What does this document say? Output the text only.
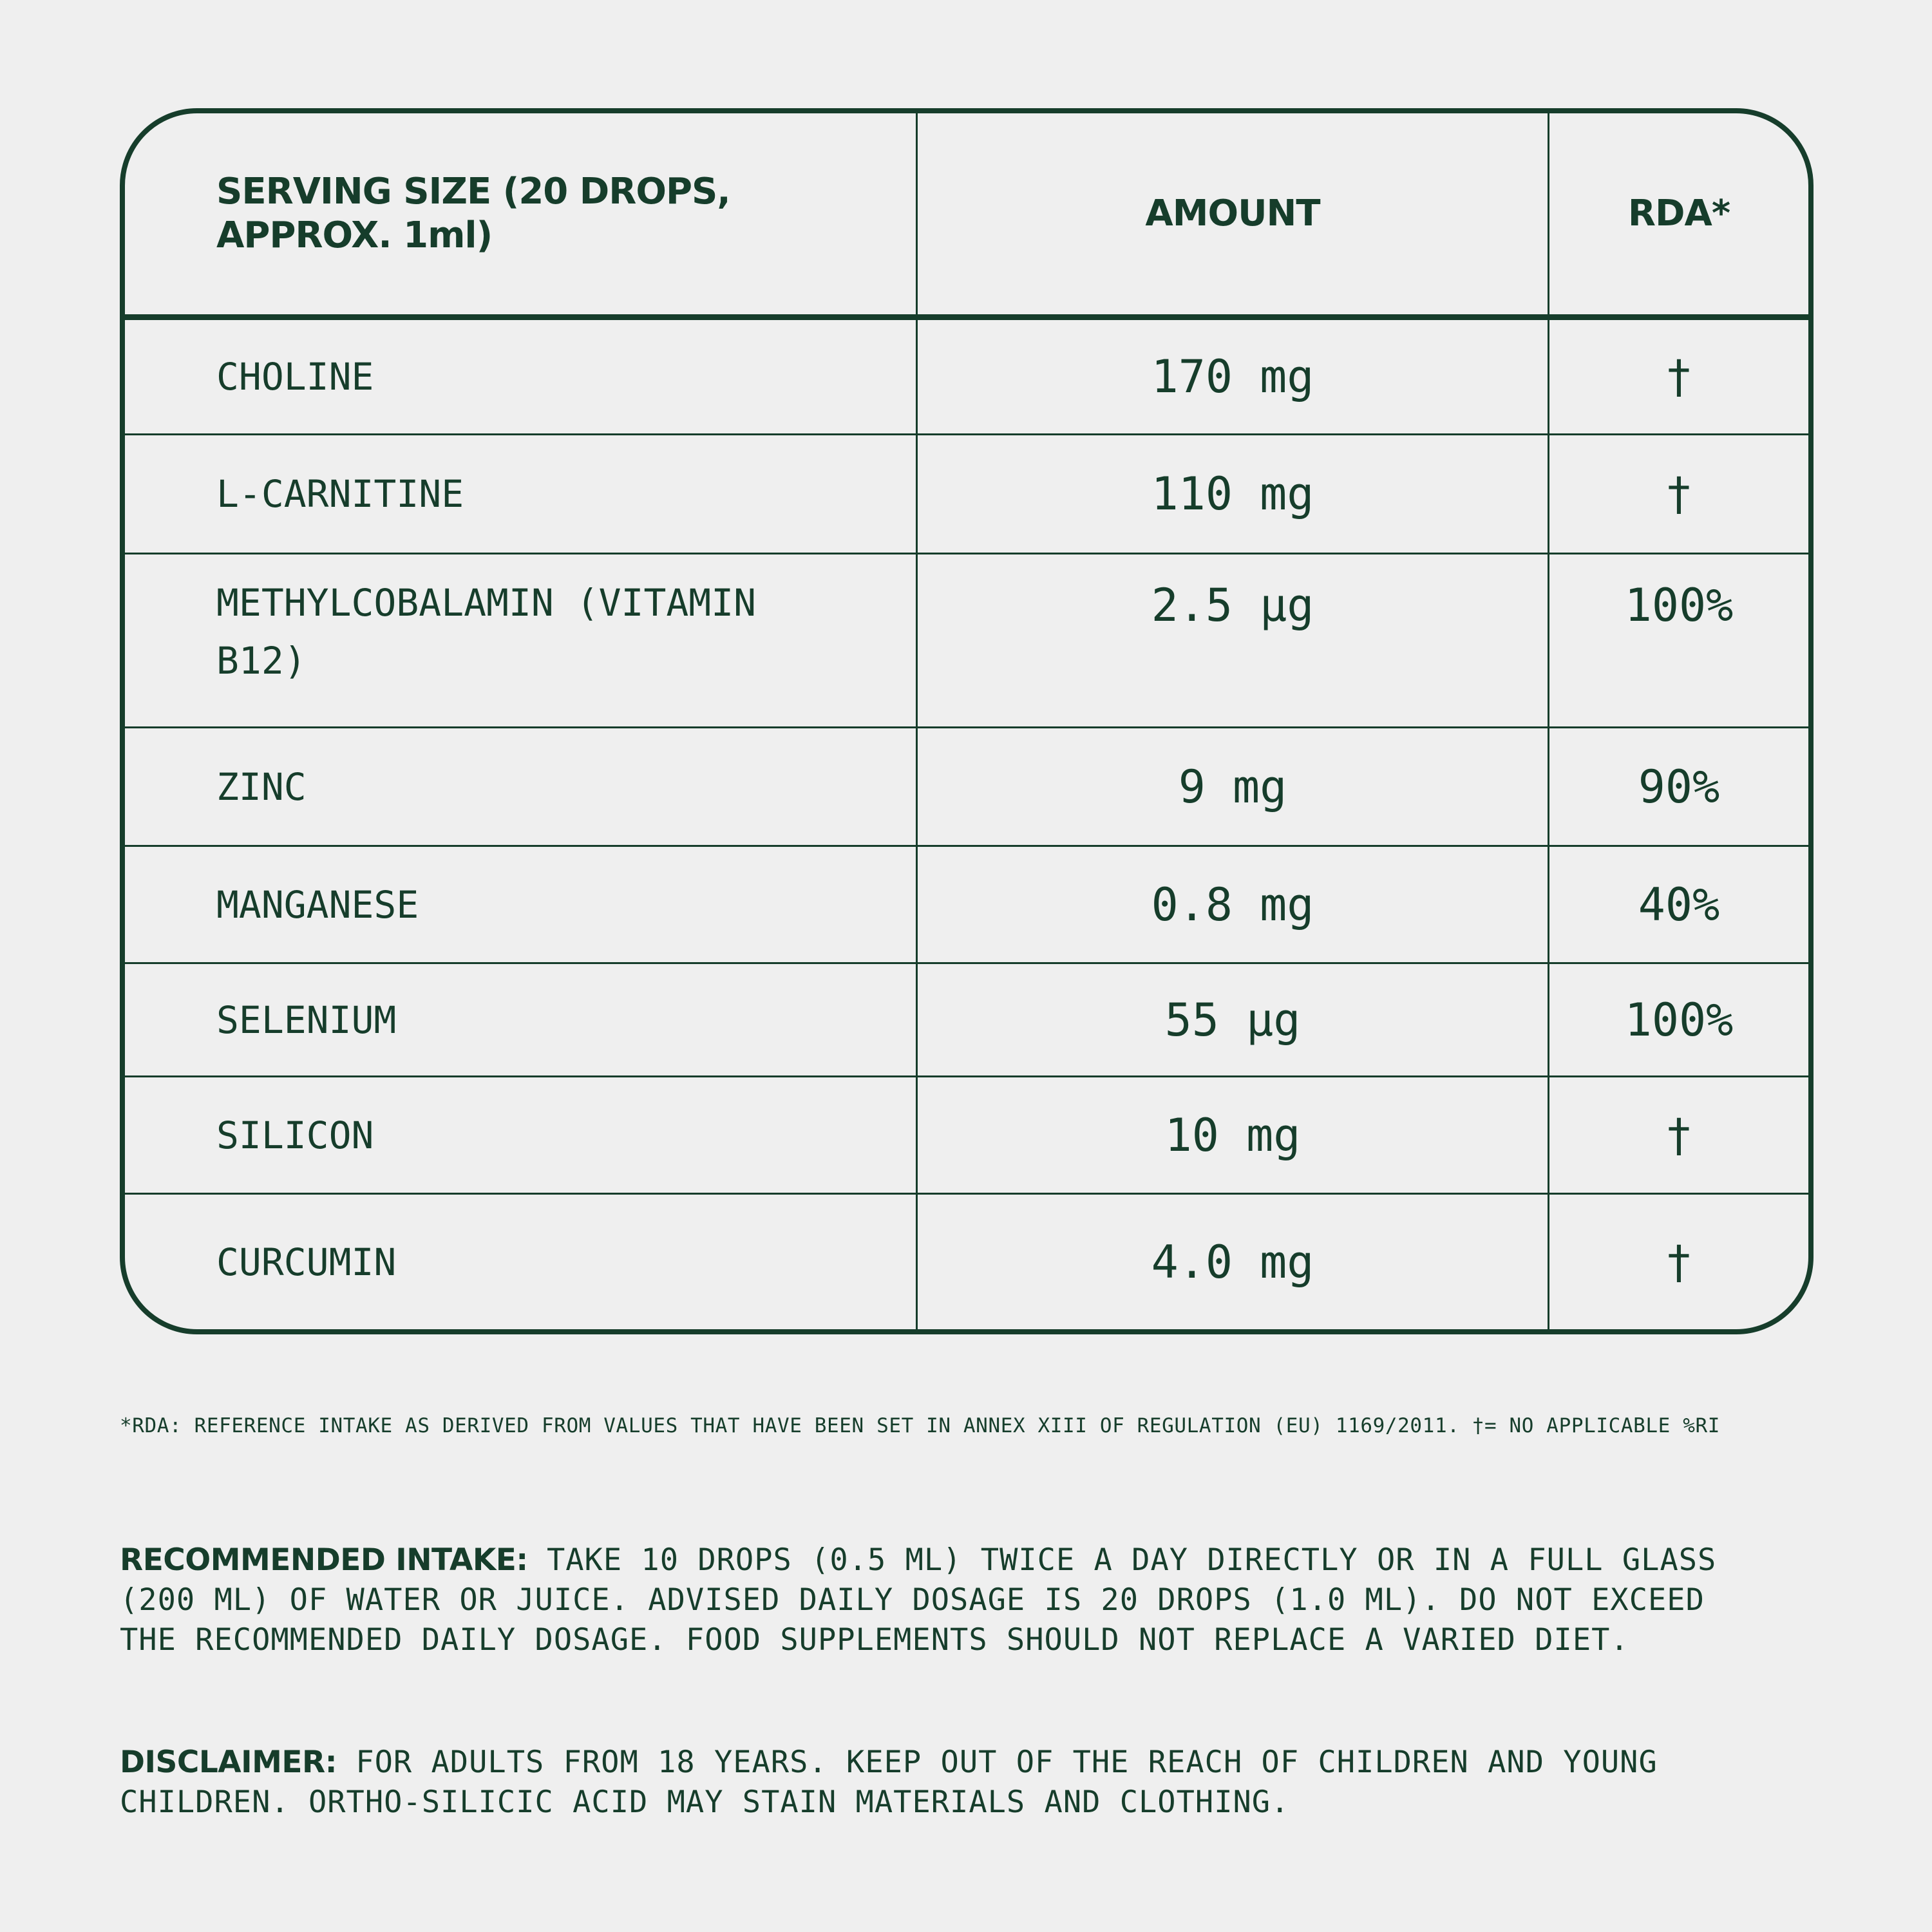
SERVING SIZE (20 DROPS, APPROX. 1ml)	AMOUNT	RDA*
CHOLINE	170 mg	†
L-CARNITINE	110 mg	†
METHYLCOBALAMIN (VITAMIN B12)	2.5 µg	100%
ZINC	9 mg	90%
MANGANESE	0.8 mg	40%
SELENIUM	55 µg	100%
SILICON	10 mg	†
CURCUMIN	4.0 mg	†
*RDA: REFERENCE INTAKE AS DERIVED FROM VALUES THAT HAVE BEEN SET IN ANNEX XIII OF REGULATION (EU) 1169/2011. †= NO APPLICABLE %RI
RECOMMENDED INTAKE: TAKE 10 DROPS (0.5 ML) TWICE A DAY DIRECTLY OR IN A FULL GLASS (200 ML) OF WATER OR JUICE. ADVISED DAILY DOSAGE IS 20 DROPS (1.0 ML). DO NOT EXCEED THE RECOMMENDED DAILY DOSAGE. FOOD SUPPLEMENTS SHOULD NOT REPLACE A VARIED DIET.
DISCLAIMER: FOR ADULTS FROM 18 YEARS. KEEP OUT OF THE REACH OF CHILDREN AND YOUNG CHILDREN. ORTHO-SILICIC ACID MAY STAIN MATERIALS AND CLOTHING.
